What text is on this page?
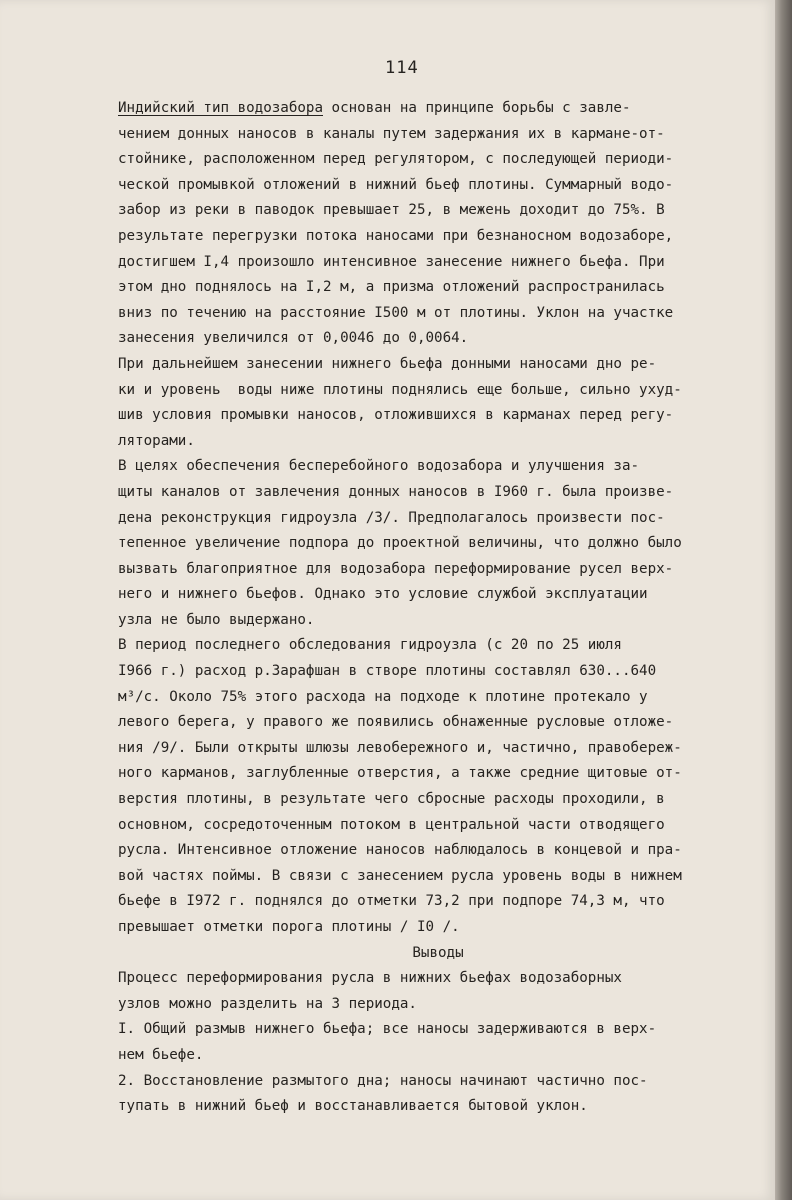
114

Индийский тип водозабора основан на принципе борьбы с завле-
чением донных наносов в каналы путем задержания их в кармане-от-
стойнике, расположенном перед регулятором, с последующей периоди-
ческой промывкой отложений в нижний бьеф плотины. Суммарный водо-
забор из реки в паводок превышает 25, в межень доходит до 75%. В
результате перегрузки потока наносами при безнаносном водозаборе,
достигшем I,4 произошло интенсивное занесение нижнего бьефа. При
этом дно поднялось на I,2 м, а призма отложений распространилась
вниз по течению на расстояние I500 м от плотины. Уклон на участке
занесения увеличился от 0,0046 до 0,0064.

При дальнейшем занесении нижнего бьефа донными наносами дно ре-
ки и уровень  воды ниже плотины поднялись еще больше, сильно ухуд-
шив условия промывки наносов, отложившихся в карманах перед регу-
ляторами.

В целях обеспечения бесперебойного водозабора и улучшения за-
щиты каналов от завлечения донных наносов в I960 г. была произве-
дена реконструкция гидроузла /3/. Предполагалось произвести пос-
тепенное увеличение подпора до проектной величины, что должно было
вызвать благоприятное для водозабора переформирование русел верх-
него и нижнего бьефов. Однако это условие службой эксплуатации
узла не было выдержано.

В период последнего обследования гидроузла (с 20 по 25 июля
I966 г.) расход р.Зарафшан в створе плотины составлял 630...640
м³/с. Около 75% этого расхода на подходе к плотине протекало у
левого берега, у правого же появились обнаженные русловые отложе-
ния /9/. Были открыты шлюзы левобережного и, частично, правобереж-
ного карманов, заглубленные отверстия, а также средние щитовые от-
верстия плотины, в результате чего сбросные расходы проходили, в
основном, сосредоточенным потоком в центральной части отводящего
русла. Интенсивное отложение наносов наблюдалось в концевой и пра-
вой частях поймы. В связи с занесением русла уровень воды в нижнем
бьефе в I972 г. поднялся до отметки 73,2 при подпоре 74,3 м, что
превышает отметки порога плотины / I0 /.

Выводы

Процесс переформирования русла в нижних бьефах водозаборных
узлов можно разделить на 3 периода.

I. Общий размыв нижнего бьефа; все наносы задерживаются в верх-
нем бьефе.

2. Восстановление размытого дна; наносы начинают частично пос-
тупать в нижний бьеф и восстанавливается бытовой уклон.
